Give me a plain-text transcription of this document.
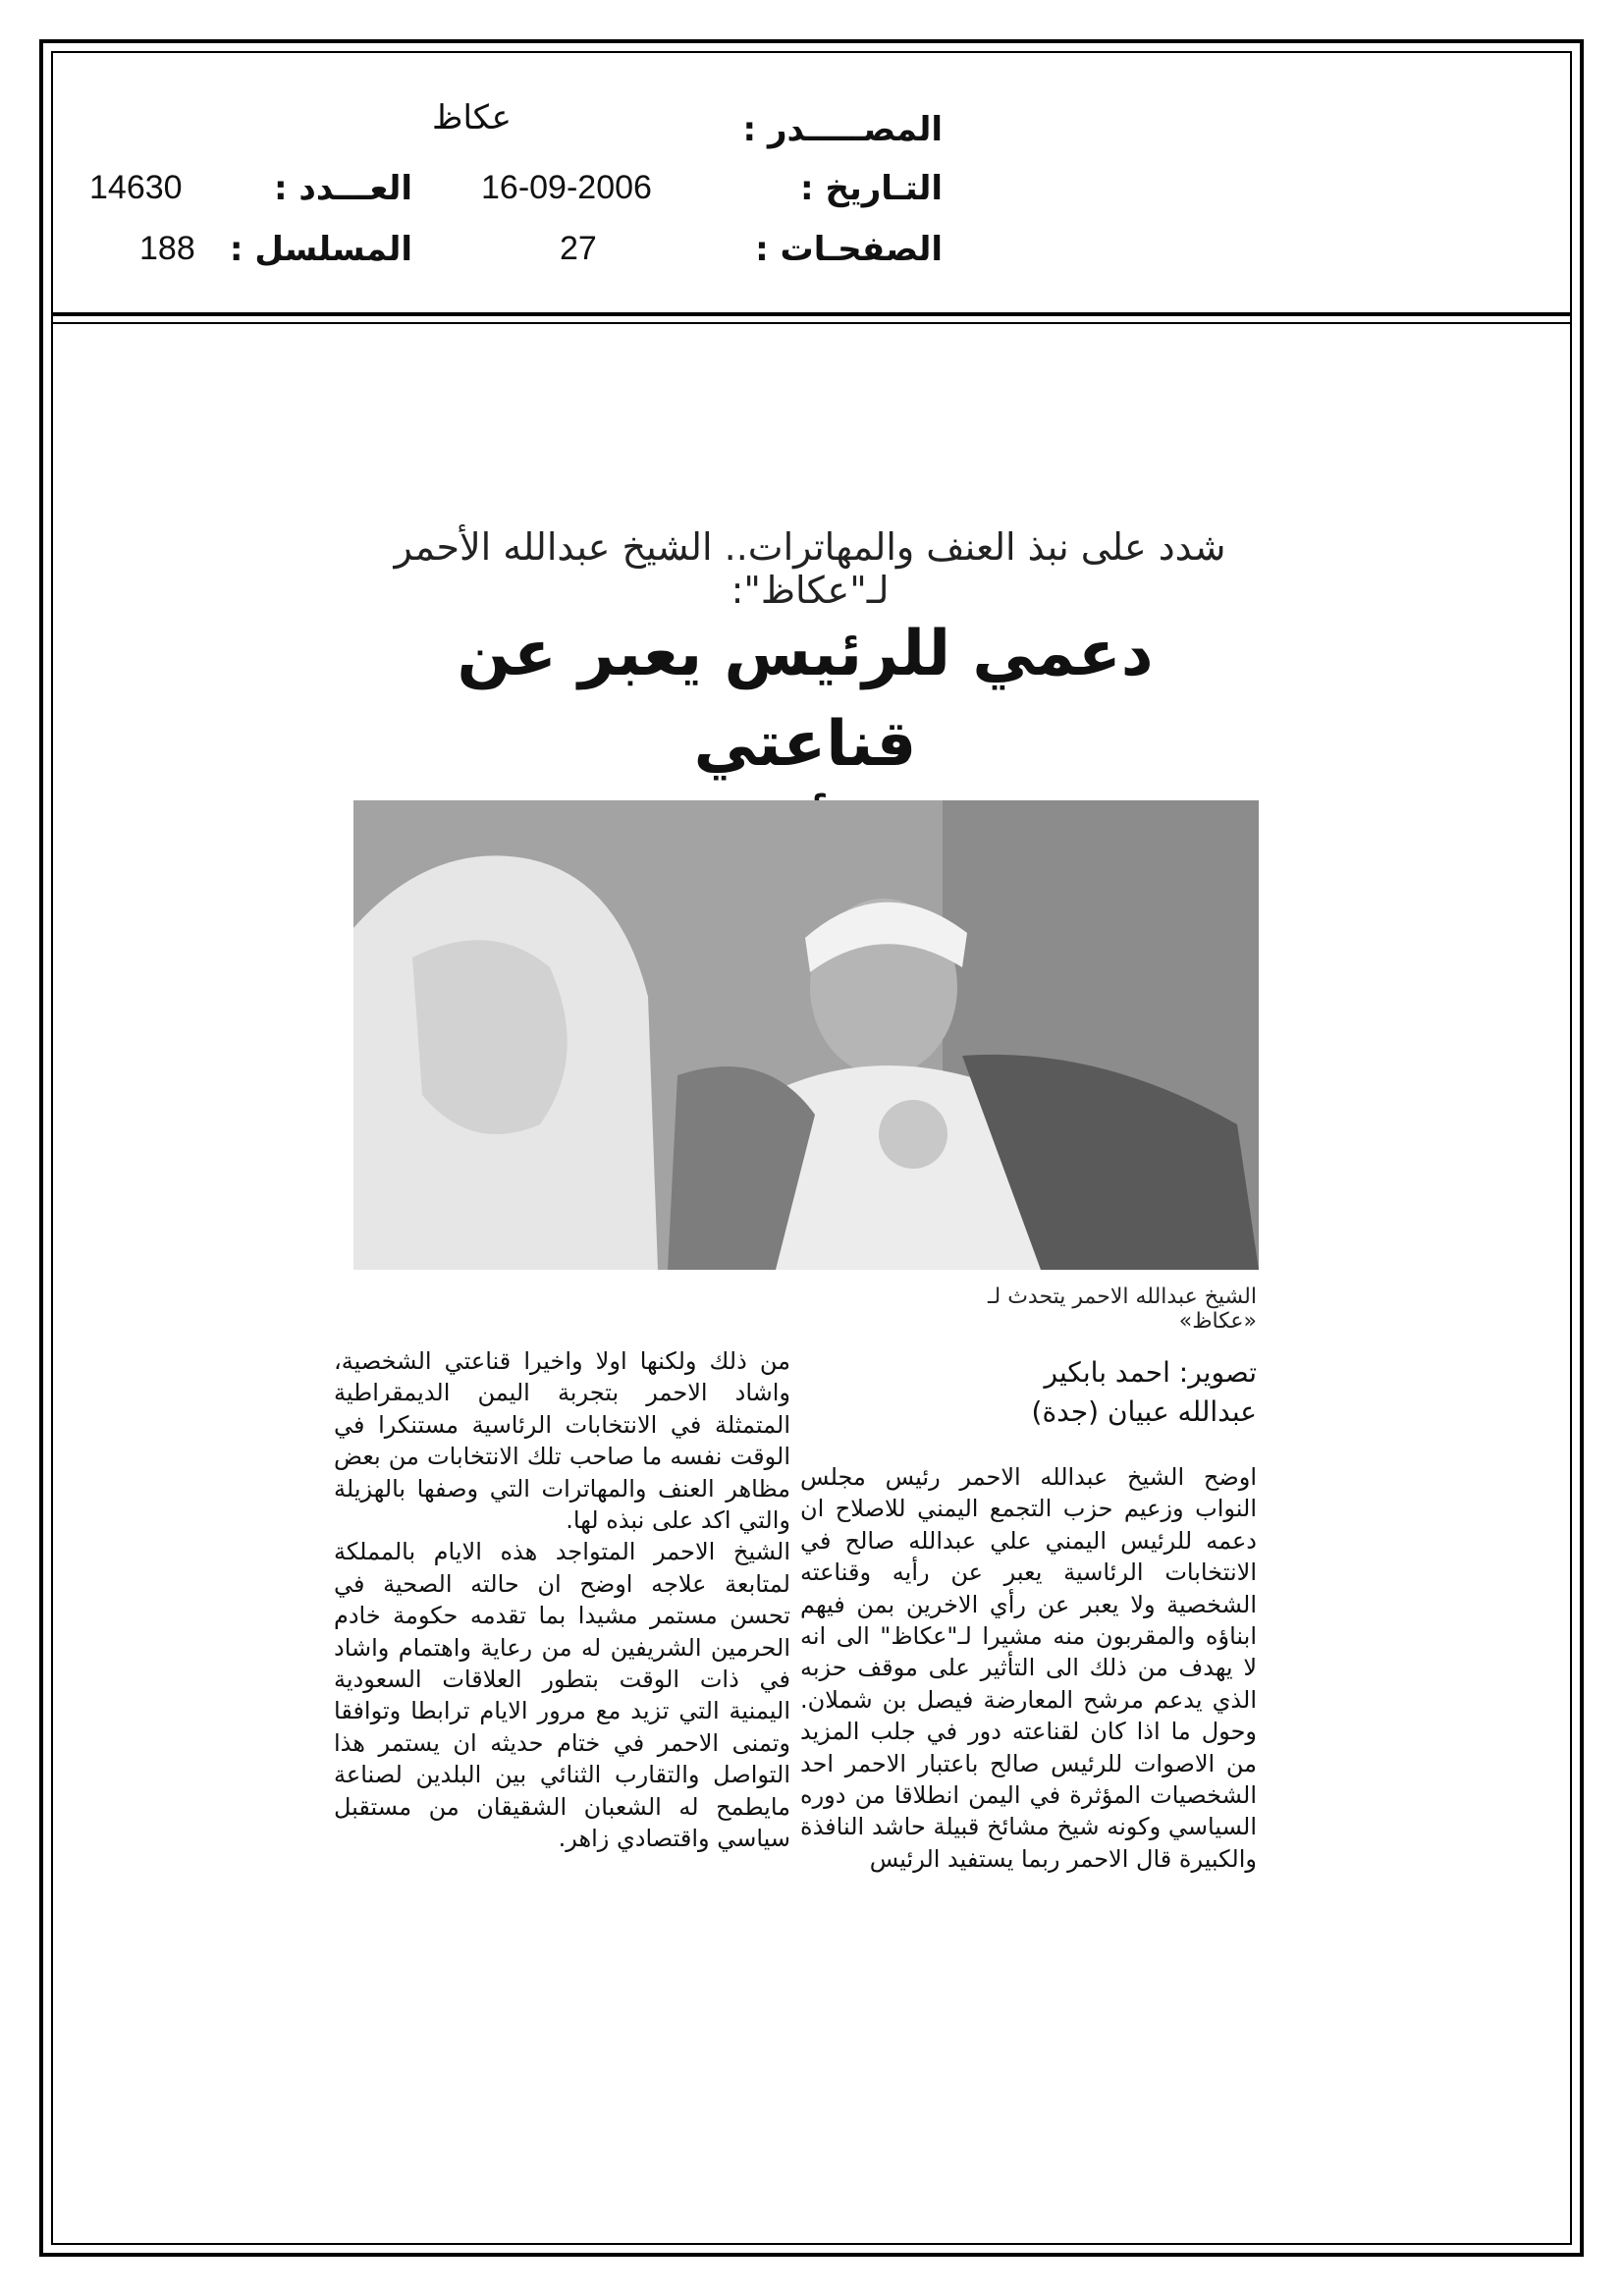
عكاظ	المصـــــدر :
14630	العـــدد : 16-09-2006	التـاريخ :
188 المسلسل :	27	الصفحـات :
شدد على نبذ العنف والمهاترات.. الشيخ عبدالله الأحمر لـ"عكاظ":
دعمي للرئيس يعبر عن قناعتي
الشيخ عبدالله الاحمر يتحدث لـ «عكاظ»
تصوير: احمد بابكير
عبدالله عبيان (جدة)

اوضح الشيخ عبدالله الاحمر رئيس مجلس النواب وزعيم حزب التجمع اليمني للاصلاح ان دعمه للرئيس اليمني علي عبدالله صالح في الانتخابات الرئاسية يعبر عن رأيه وقناعته الشخصية ولا يعبر عن رأي الاخرين بمن فيهم ابناؤه والمقربون منه مشيرا لـ"عكاظ" الى انه لا يهدف من ذلك الى التأثير على موقف حزبه الذي يدعم مرشح المعارضة فيصل بن شملان. وحول ما اذا كان لقناعته دور في جلب المزيد من الاصوات للرئيس صالح باعتبار الاحمر احد الشخصيات المؤثرة في اليمن انطلاقا من دوره السياسي وكونه شيخ مشائخ قبيلة حاشد النافذة والكبيرة قال الاحمر ربما يستفيد الرئيس

من ذلك ولكنها اولا واخيرا قناعتي الشخصية، واشاد الاحمر بتجربة اليمن الديمقراطية المتمثلة في الانتخابات الرئاسية مستنكرا في الوقت نفسه ما صاحب تلك الانتخابات من بعض مظاهر العنف والمهاترات التي وصفها بالهزيلة والتي اكد على نبذه لها.

الشيخ الاحمر المتواجد هذه الايام بالمملكة لمتابعة علاجه اوضح ان حالته الصحية في تحسن مستمر مشيدا بما تقدمه حكومة خادم الحرمين الشريفين له من رعاية واهتمام واشاد في ذات الوقت بتطور العلاقات السعودية اليمنية التي تزيد مع مرور الايام ترابطا وتوافقا وتمنى الاحمر في ختام حديثه ان يستمر هذا التواصل والتقارب الثنائي بين البلدين لصناعة مايطمح له الشعبان الشقيقان من مستقبل سياسي واقتصادي زاهر.
